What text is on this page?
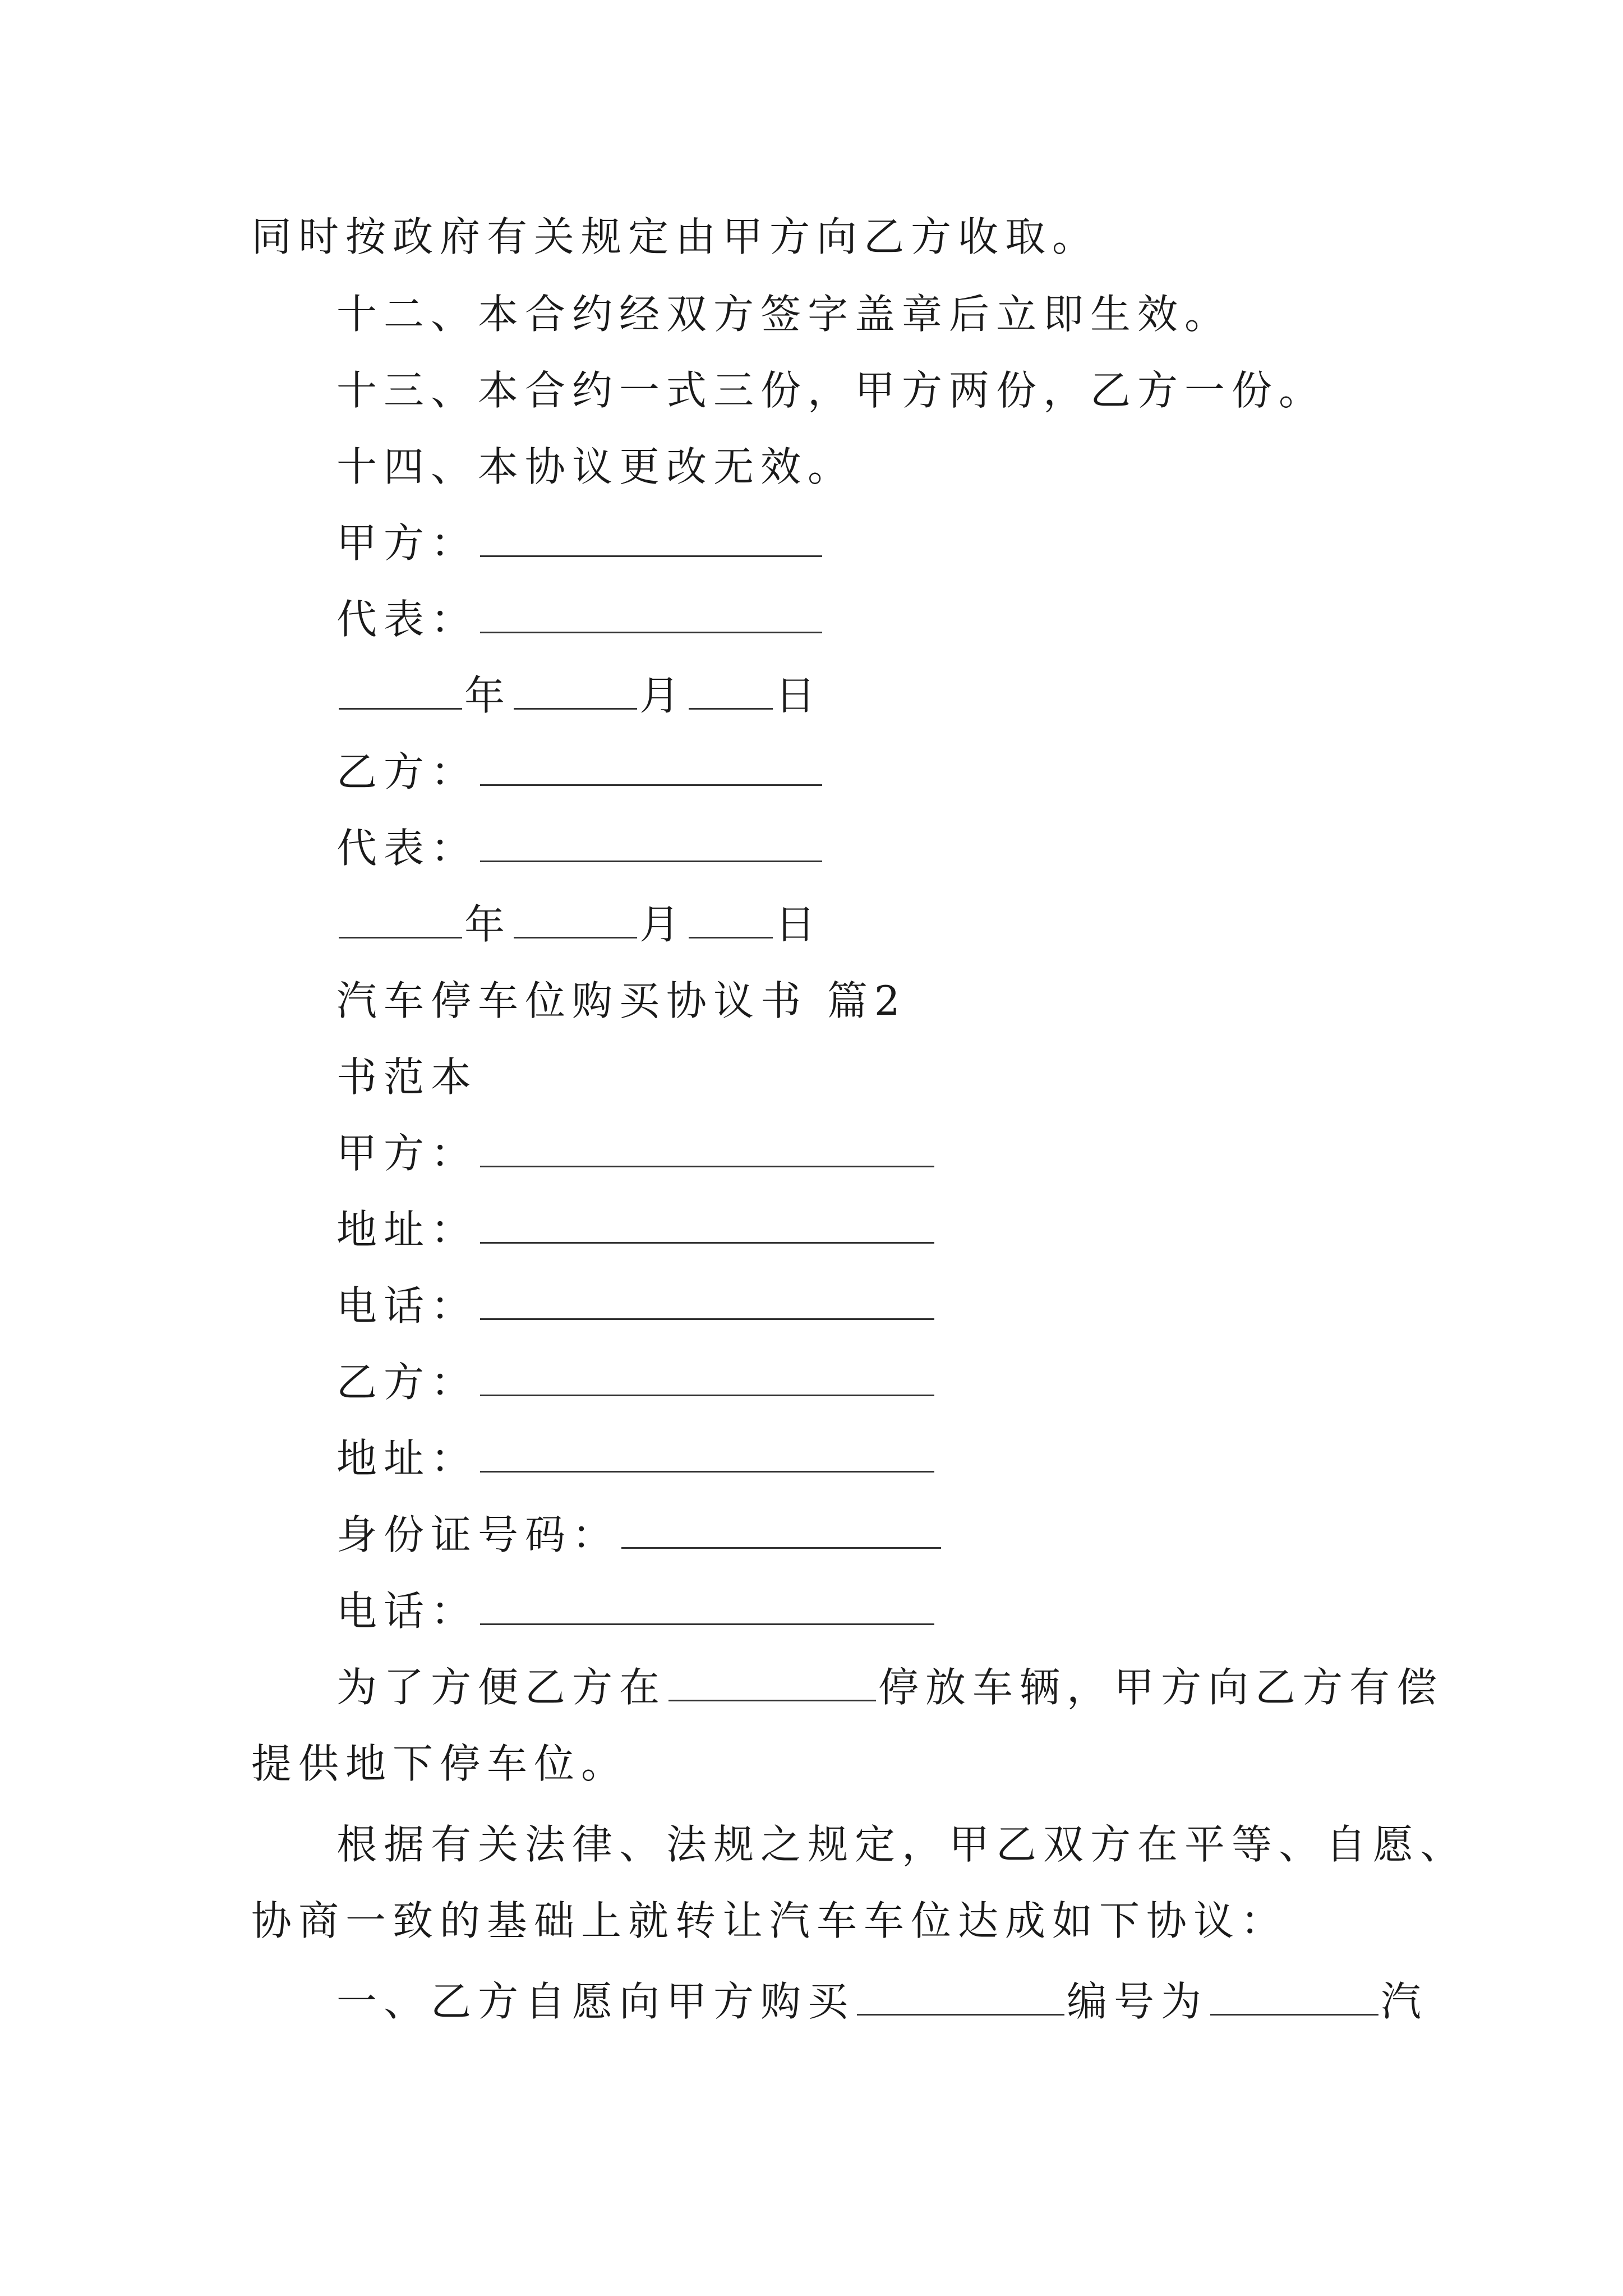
同时按政府有关规定由甲方向乙方收取。
十二、本合约经双方签字盖章后立即生效。
十三、本合约一式三份，甲方两份，乙方一份。
十四、本协议更改无效。
甲方：
代表：
年	月 日
乙方：
代表：
年	月 日
汽车停车位购买协议书 篇2
书范本
甲方：
地址：
电话：
乙方：
地址：
身份证号码：
电话：
为了方便乙方在	停放车辆，甲方向乙方有偿
提供地下停车位。
根据有关法律、法规之规定，甲乙双方在平等、自愿、
协商一致的基础上就转让汽车车位达成如下协议：
一、乙方自愿向甲方购买	编号为	汽
